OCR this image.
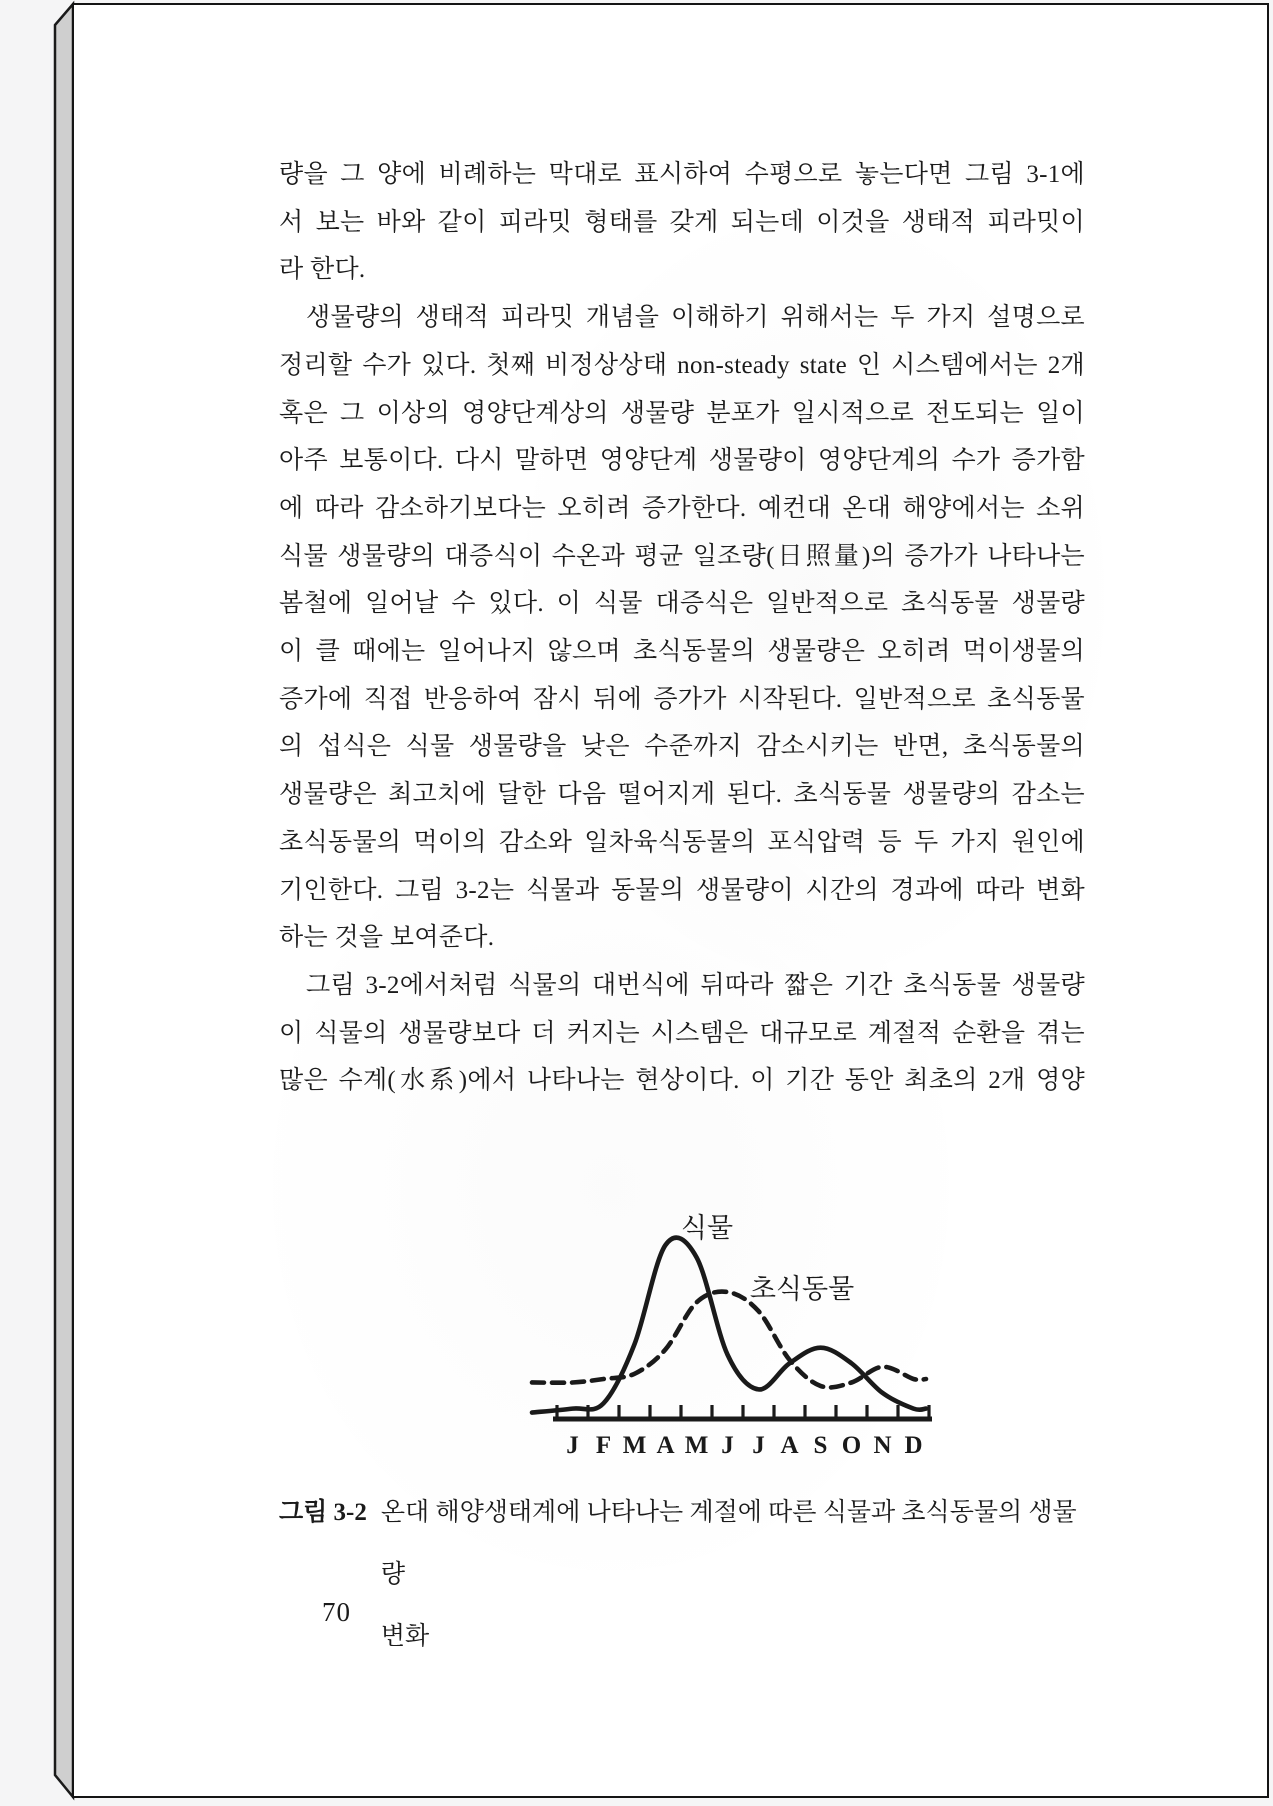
량을 그 양에 비례하는 막대로 표시하여 수평으로 놓는다면 그림 3-1에
서 보는 바와 같이 피라밋 형태를 갖게 되는데 이것을 생태적 피라밋이
라 한다.
생물량의 생태적 피라밋 개념을 이해하기 위해서는 두 가지 설명으로
정리할 수가 있다. 첫째 비정상상태 non-steady state 인 시스템에서는 2개
혹은 그 이상의 영양단계상의 생물량 분포가 일시적으로 전도되는 일이
아주 보통이다. 다시 말하면 영양단계 생물량이 영양단계의 수가 증가함
에 따라 감소하기보다는 오히려 증가한다. 예컨대 온대 해양에서는 소위
식물 생물량의 대증식이 수온과 평균 일조량(日照量)의 증가가 나타나는
봄철에 일어날 수 있다. 이 식물 대증식은 일반적으로 초식동물 생물량
이 클 때에는 일어나지 않으며 초식동물의 생물량은 오히려 먹이생물의
증가에 직접 반응하여 잠시 뒤에 증가가 시작된다. 일반적으로 초식동물
의 섭식은 식물 생물량을 낮은 수준까지 감소시키는 반면, 초식동물의
생물량은 최고치에 달한 다음 떨어지게 된다. 초식동물 생물량의 감소는
초식동물의 먹이의 감소와 일차육식동물의 포식압력 등 두 가지 원인에
기인한다. 그림 3-2는 식물과 동물의 생물량이 시간의 경과에 따라 변화
하는 것을 보여준다.
그림 3-2에서처럼 식물의 대번식에 뒤따라 짧은 기간 초식동물 생물량
이 식물의 생물량보다 더 커지는 시스템은 대규모로 계절적 순환을 겪는
많은 수계(水系)에서 나타나는 현상이다. 이 기간 동안 최초의 2개 영양
J F M A M J J A S O N D
식물
초식동물
그림 3-2 온대 해양생태계에 나타나는 계절에 따른 식물과 초식동물의 생물량
변화
70
